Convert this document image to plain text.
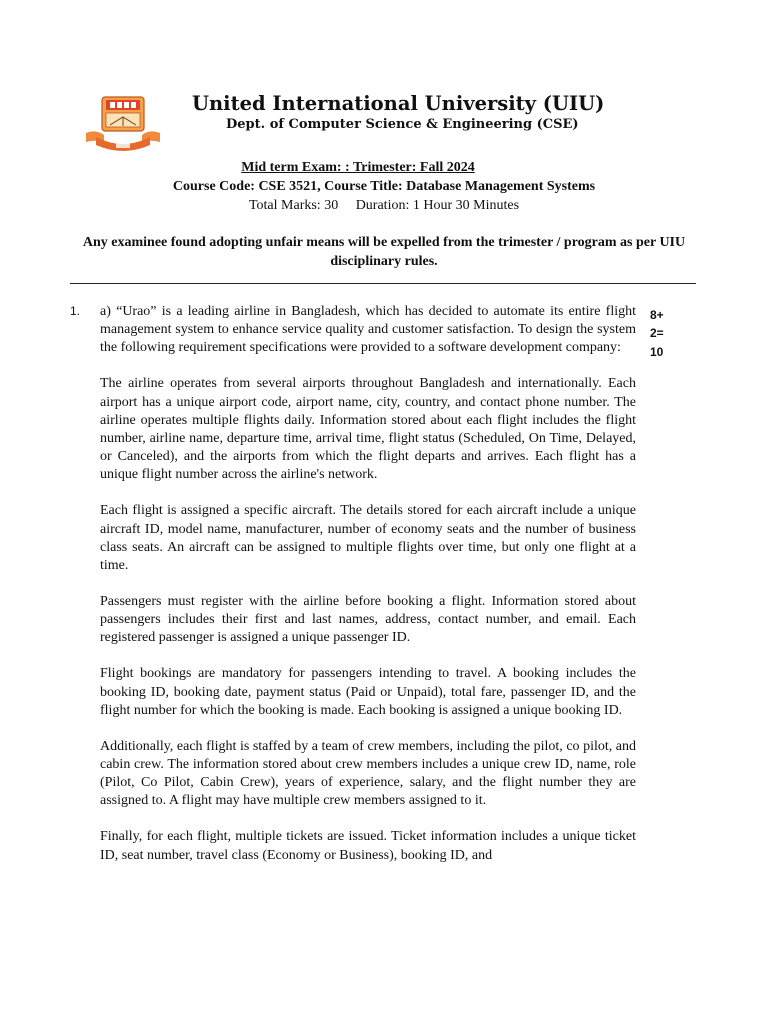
United International University (UIU)
Dept. of Computer Science & Engineering (CSE)
Mid term Exam: : Trimester: Fall 2024
Course Code: CSE 3521, Course Title: Database Management Systems
Total Marks: 30     Duration: 1 Hour 30 Minutes
Any examinee found adopting unfair means will be expelled from the trimester / program as per UIU disciplinary rules.
1.	8+
2=
10

a) “Urao” is a leading airline in Bangladesh, which has decided to automate its entire flight management system to enhance service quality and customer satisfaction. To design the system the following requirement specifications were provided to a software development company:

The airline operates from several airports throughout Bangladesh and internationally. Each airport has a unique airport code, airport name, city, country, and contact phone number. The airline operates multiple flights daily. Information stored about each flight includes the flight number, airline name, departure time, arrival time, flight status (Scheduled, On Time, Delayed, or Canceled), and the airports from which the flight departs and arrives. Each flight has a unique flight number across the airline's network.

Each flight is assigned a specific aircraft. The details stored for each aircraft include a unique aircraft ID, model name, manufacturer, number of economy seats and the number of business class seats. An aircraft can be assigned to multiple flights over time, but only one flight at a time.

Passengers must register with the airline before booking a flight. Information stored about passengers includes their first and last names, address, contact number, and email. Each registered passenger is assigned a unique passenger ID.

Flight bookings are mandatory for passengers intending to travel. A booking includes the booking ID, booking date, payment status (Paid or Unpaid), total fare, passenger ID, and the flight number for which the booking is made. Each booking is assigned a unique booking ID.

Additionally, each flight is staffed by a team of crew members, including the pilot, co pilot, and cabin crew. The information stored about crew members includes a unique crew ID, name, role (Pilot, Co Pilot, Cabin Crew), years of experience, salary, and the flight number they are assigned to. A flight may have multiple crew members assigned to it.

Finally, for each flight, multiple tickets are issued. Ticket information includes a unique ticket ID, seat number, travel class (Economy or Business), booking ID, and
